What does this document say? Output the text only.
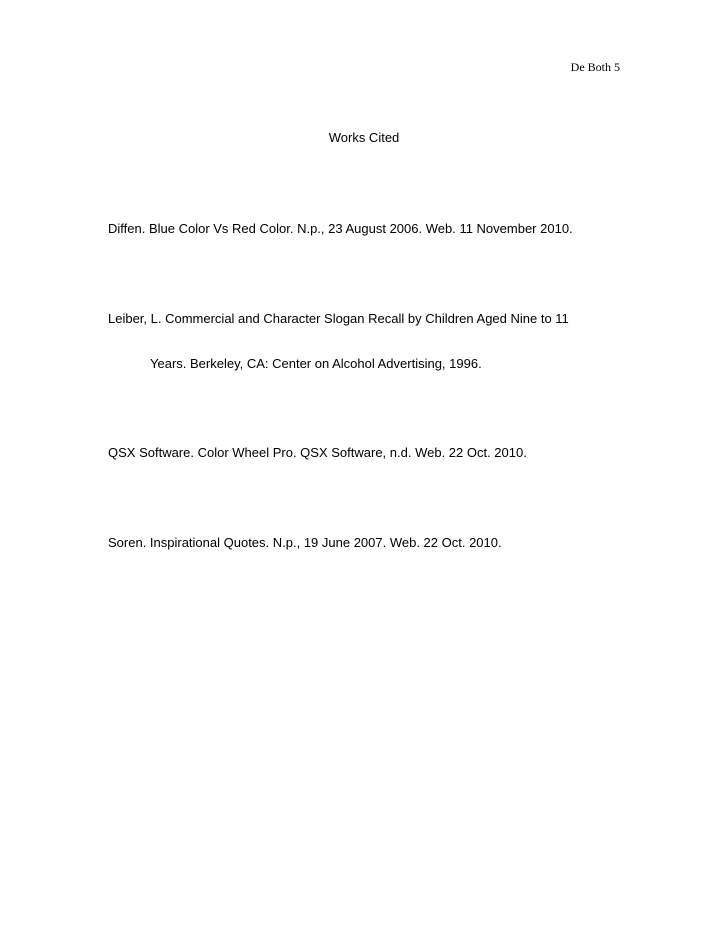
De Both 5
Works Cited
Diffen. Blue Color Vs Red Color. N.p., 23 August 2006. Web. 11 November 2010.
Leiber, L. Commercial and Character Slogan Recall by Children Aged Nine to 11
Years. Berkeley, CA: Center on Alcohol Advertising, 1996.
QSX Software. Color Wheel Pro. QSX Software, n.d. Web. 22 Oct. 2010.
Soren. Inspirational Quotes. N.p., 19 June 2007. Web. 22 Oct. 2010.
